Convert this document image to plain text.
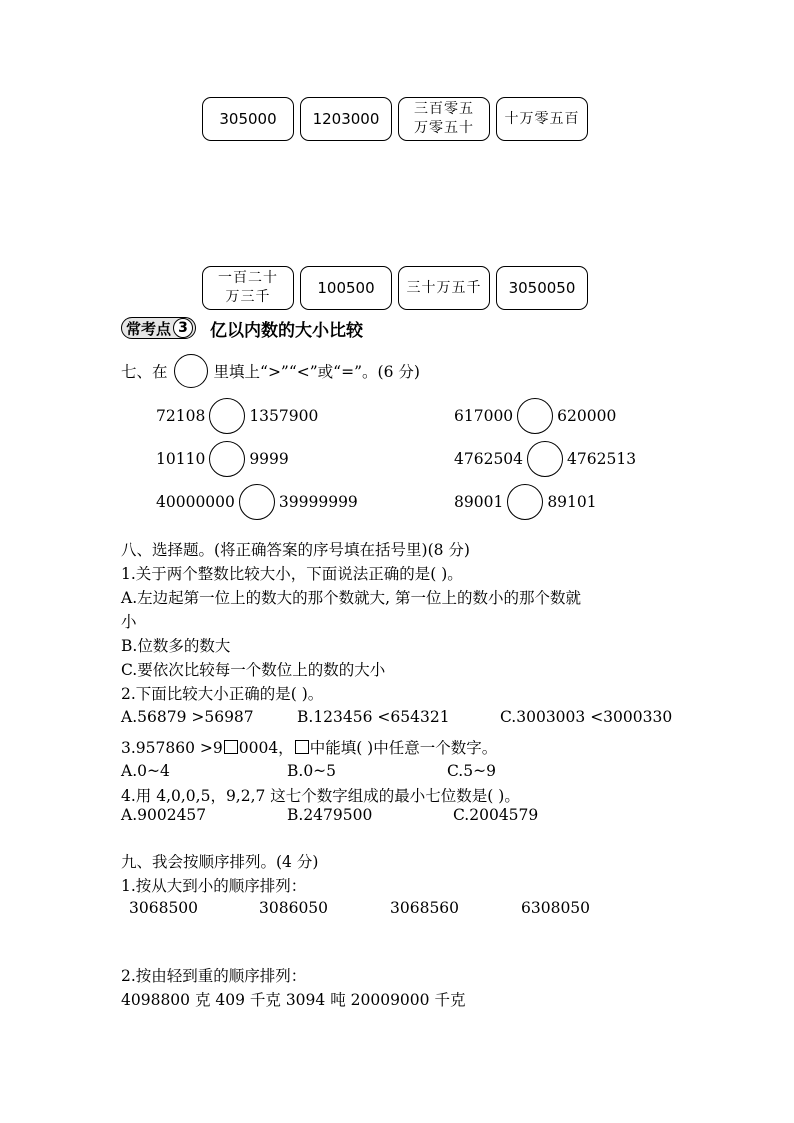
305000	1203000
三百零五
万零五十
十万零五百
一百二十
万三千
100500	三十万五千	3050050
常考点 3	亿以内数的大小比较
七、在	里填上“>”“<”或“=”。(6 分)
72108	1357900	617000	620000
10110	9999	4762504	4762513
40000000	39999999	89001	89101
八、选择题。(将正确答案的序号填在括号里)(8 分)
1.关于两个整数比较大小，下面说法正确的是( )。
A.左边起第一位上的数大的那个数就大, 第一位上的数小的那个数就
小
B.位数多的数大
C.要依次比较每一个数位上的数的大小
2.下面比较大小正确的是( )。
A.56879 >56987	B.123456 <654321	C.3003003 <3000330
3.957860 >9 0004， 中能填( )中任意一个数字。
A.0~4	B.0~5	C.5~9
4.用 4,0,0,5，9,2,7 这七个数字组成的最小七位数是( )。
A.9002457	B.2479500	C.2004579
九、我会按顺序排列。(4 分)
1.按从大到小的顺序排列：
3068500	3086050	3068560	6308050
2.按由轻到重的顺序排列：
4098800 克 409 千克 3094 吨 20009000 千克
